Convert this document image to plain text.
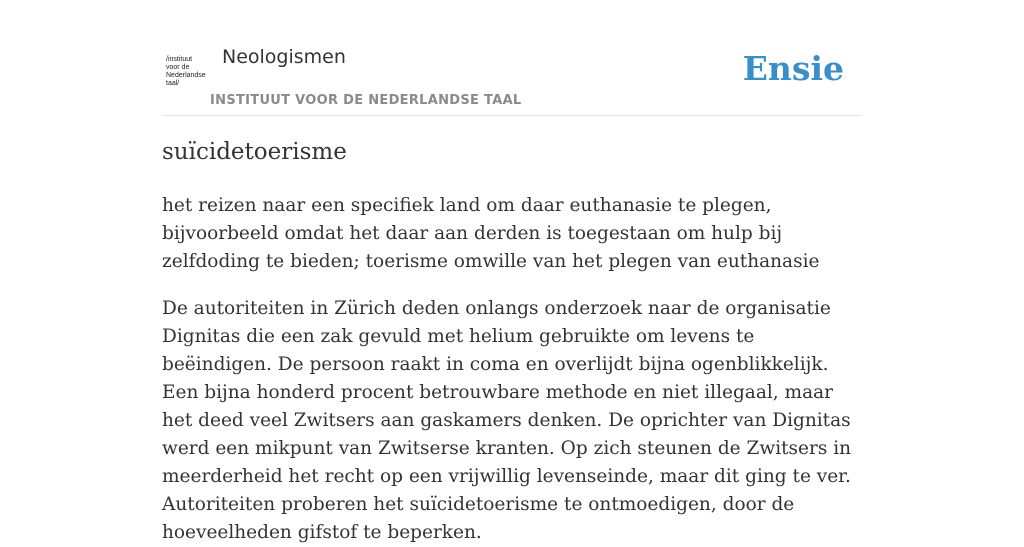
/instituut
voor de
Nederlandse
taal/
Neologismen
INSTITUUT VOOR DE NEDERLANDSE TAAL
Ensie
suïcidetoerisme

het reizen naar een specifiek land om daar euthanasie te plegen, bijvoorbeeld omdat het daar aan derden is toegestaan om hulp bij zelfdoding te bieden; toerisme omwille van het plegen van euthanasie

De autoriteiten in Zürich deden onlangs onderzoek naar de organisatie Dignitas die een zak gevuld met helium gebruikte om levens te beëindigen. De persoon raakt in coma en overlijdt bijna ogenblikkelijk. Een bijna honderd procent betrouwbare methode en niet illegaal, maar het deed veel Zwitsers aan gaskamers denken. De oprichter van Dignitas werd een mikpunt van Zwitserse kranten. Op zich steunen de Zwitsers in meerderheid het recht op een vrijwillig levenseinde, maar dit ging te ver. Autoriteiten proberen het suïcidetoerisme te ontmoedigen, door de hoeveelheden gifstof te beperken.
